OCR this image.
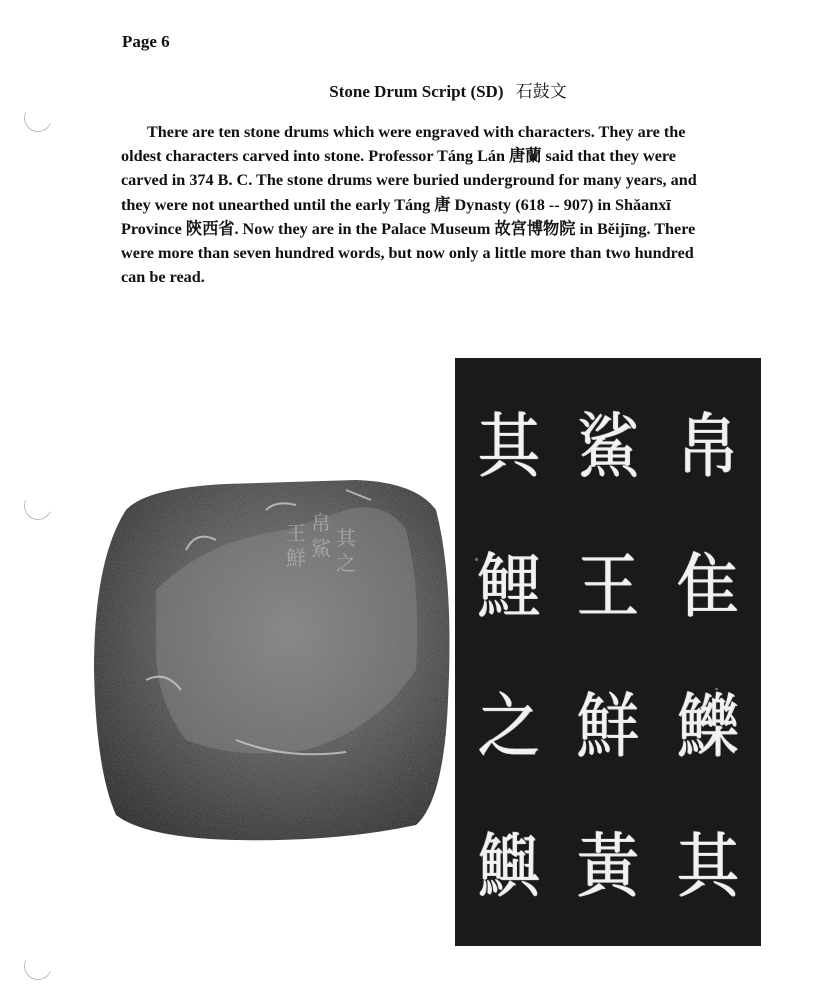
Page 6
Stone Drum Script (SD) 石鼓文

There are ten stone drums which were engraved with characters. They are the oldest characters carved into stone. Professor Táng Lán 唐蘭 said that they were carved in 374 B. C. The stone drums were buried underground for many years, and they were not unearthed until the early Táng 唐 Dynasty (618 -- 907) in Shǎanxī Province 陝西省. Now they are in the Palace Museum 故宮博物院 in Běijīng. There were more than seven hundred words, but now only a little more than two hundred can be read.

帛
鯊
王
鮮
其
之
其 鯊 帛
鯉 王 隹
之 鮮 鱳
鱮 黃 其
